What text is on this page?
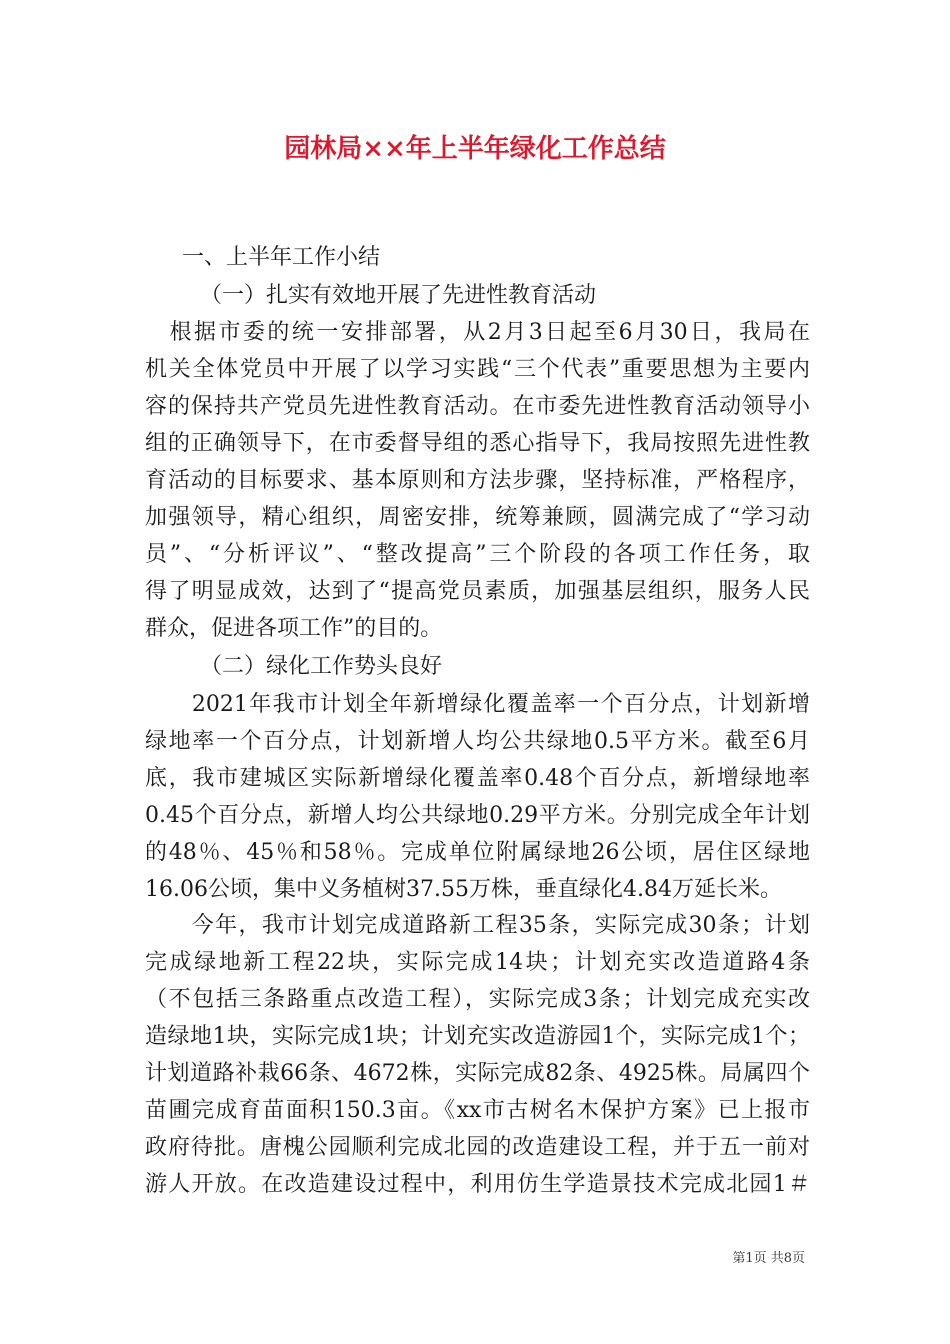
园林局××年上半年绿化工作总结
一、上半年工作小结
（一）扎实有效地开展了先进性教育活动
　根据市委的统一安排部署，从2月3日起至6月30日，我局在
机关全体党员中开展了以学习实践“三个代表”重要思想为主要内
容的保持共产党员先进性教育活动。在市委先进性教育活动领导小
组的正确领导下，在市委督导组的悉心指导下，我局按照先进性教
育活动的目标要求、基本原则和方法步骤，坚持标准，严格程序，
加强领导，精心组织，周密安排，统筹兼顾，圆满完成了“学习动
员”、“分析评议”、“整改提高”三个阶段的各项工作任务，取
得了明显成效，达到了“提高党员素质，加强基层组织，服务人民
群众，促进各项工作”的目的。
（二）绿化工作势头良好
　　2021年我市计划全年新增绿化覆盖率一个百分点，计划新增
绿地率一个百分点，计划新增人均公共绿地0.5平方米。截至6月
底，我市建城区实际新增绿化覆盖率0.48个百分点，新增绿地率
0.45个百分点，新增人均公共绿地0.29平方米。分别完成全年计划
的48％、45％和58％。完成单位附属绿地26公顷，居住区绿地
16.06公顷，集中义务植树37.55万株，垂直绿化4.84万延长米。
　　今年，我市计划完成道路新工程35条，实际完成30条；计划
完成绿地新工程22块，实际完成14块；计划充实改造道路4条
（不包括三条路重点改造工程），实际完成3条；计划完成充实改
造绿地1块，实际完成1块；计划充实改造游园1个，实际完成1个；
计划道路补栽66条、4672株，实际完成82条、4925株。局属四个
苗圃完成育苗面积150.3亩。《xx市古树名木保护方案》已上报市
政府待批。唐槐公园顺利完成北园的改造建设工程，并于五一前对
游人开放。在改造建设过程中，利用仿生学造景技术完成北园1＃
第1页 共8页
